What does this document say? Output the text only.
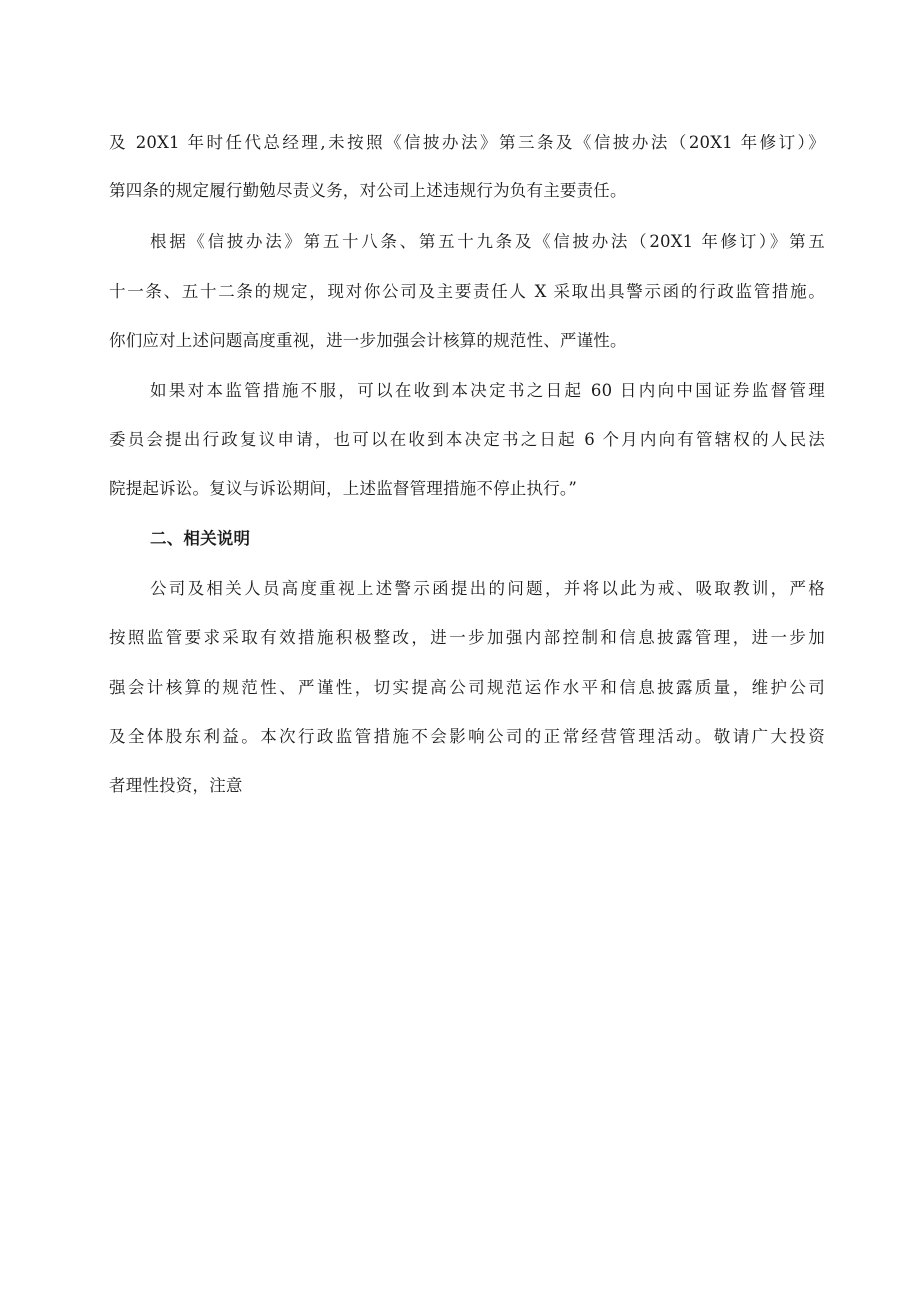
及 20X1 年时任代总经理,未按照《信披办法》第三条及《信披办法（20X1 年修订）》
第四条的规定履行勤勉尽责义务，对公司上述违规行为负有主要责任。
根据《信披办法》第五十八条、第五十九条及《信披办法（20X1 年修订）》第五
十一条、五十二条的规定，现对你公司及主要责任人 X 采取出具警示函的行政监管措施。
你们应对上述问题高度重视，进一步加强会计核算的规范性、严谨性。
如果对本监管措施不服，可以在收到本决定书之日起 60 日内向中国证券监督管理
委员会提出行政复议申请，也可以在收到本决定书之日起 6 个月内向有管辖权的人民法
院提起诉讼。复议与诉讼期间，上述监督管理措施不停止执行。”
二、相关说明
公司及相关人员高度重视上述警示函提出的问题，并将以此为戒、吸取教训，严格
按照监管要求采取有效措施积极整改，进一步加强内部控制和信息披露管理，进一步加
强会计核算的规范性、严谨性，切实提高公司规范运作水平和信息披露质量，维护公司
及全体股东利益。本次行政监管措施不会影响公司的正常经营管理活动。敬请广大投资
者理性投资，注意
